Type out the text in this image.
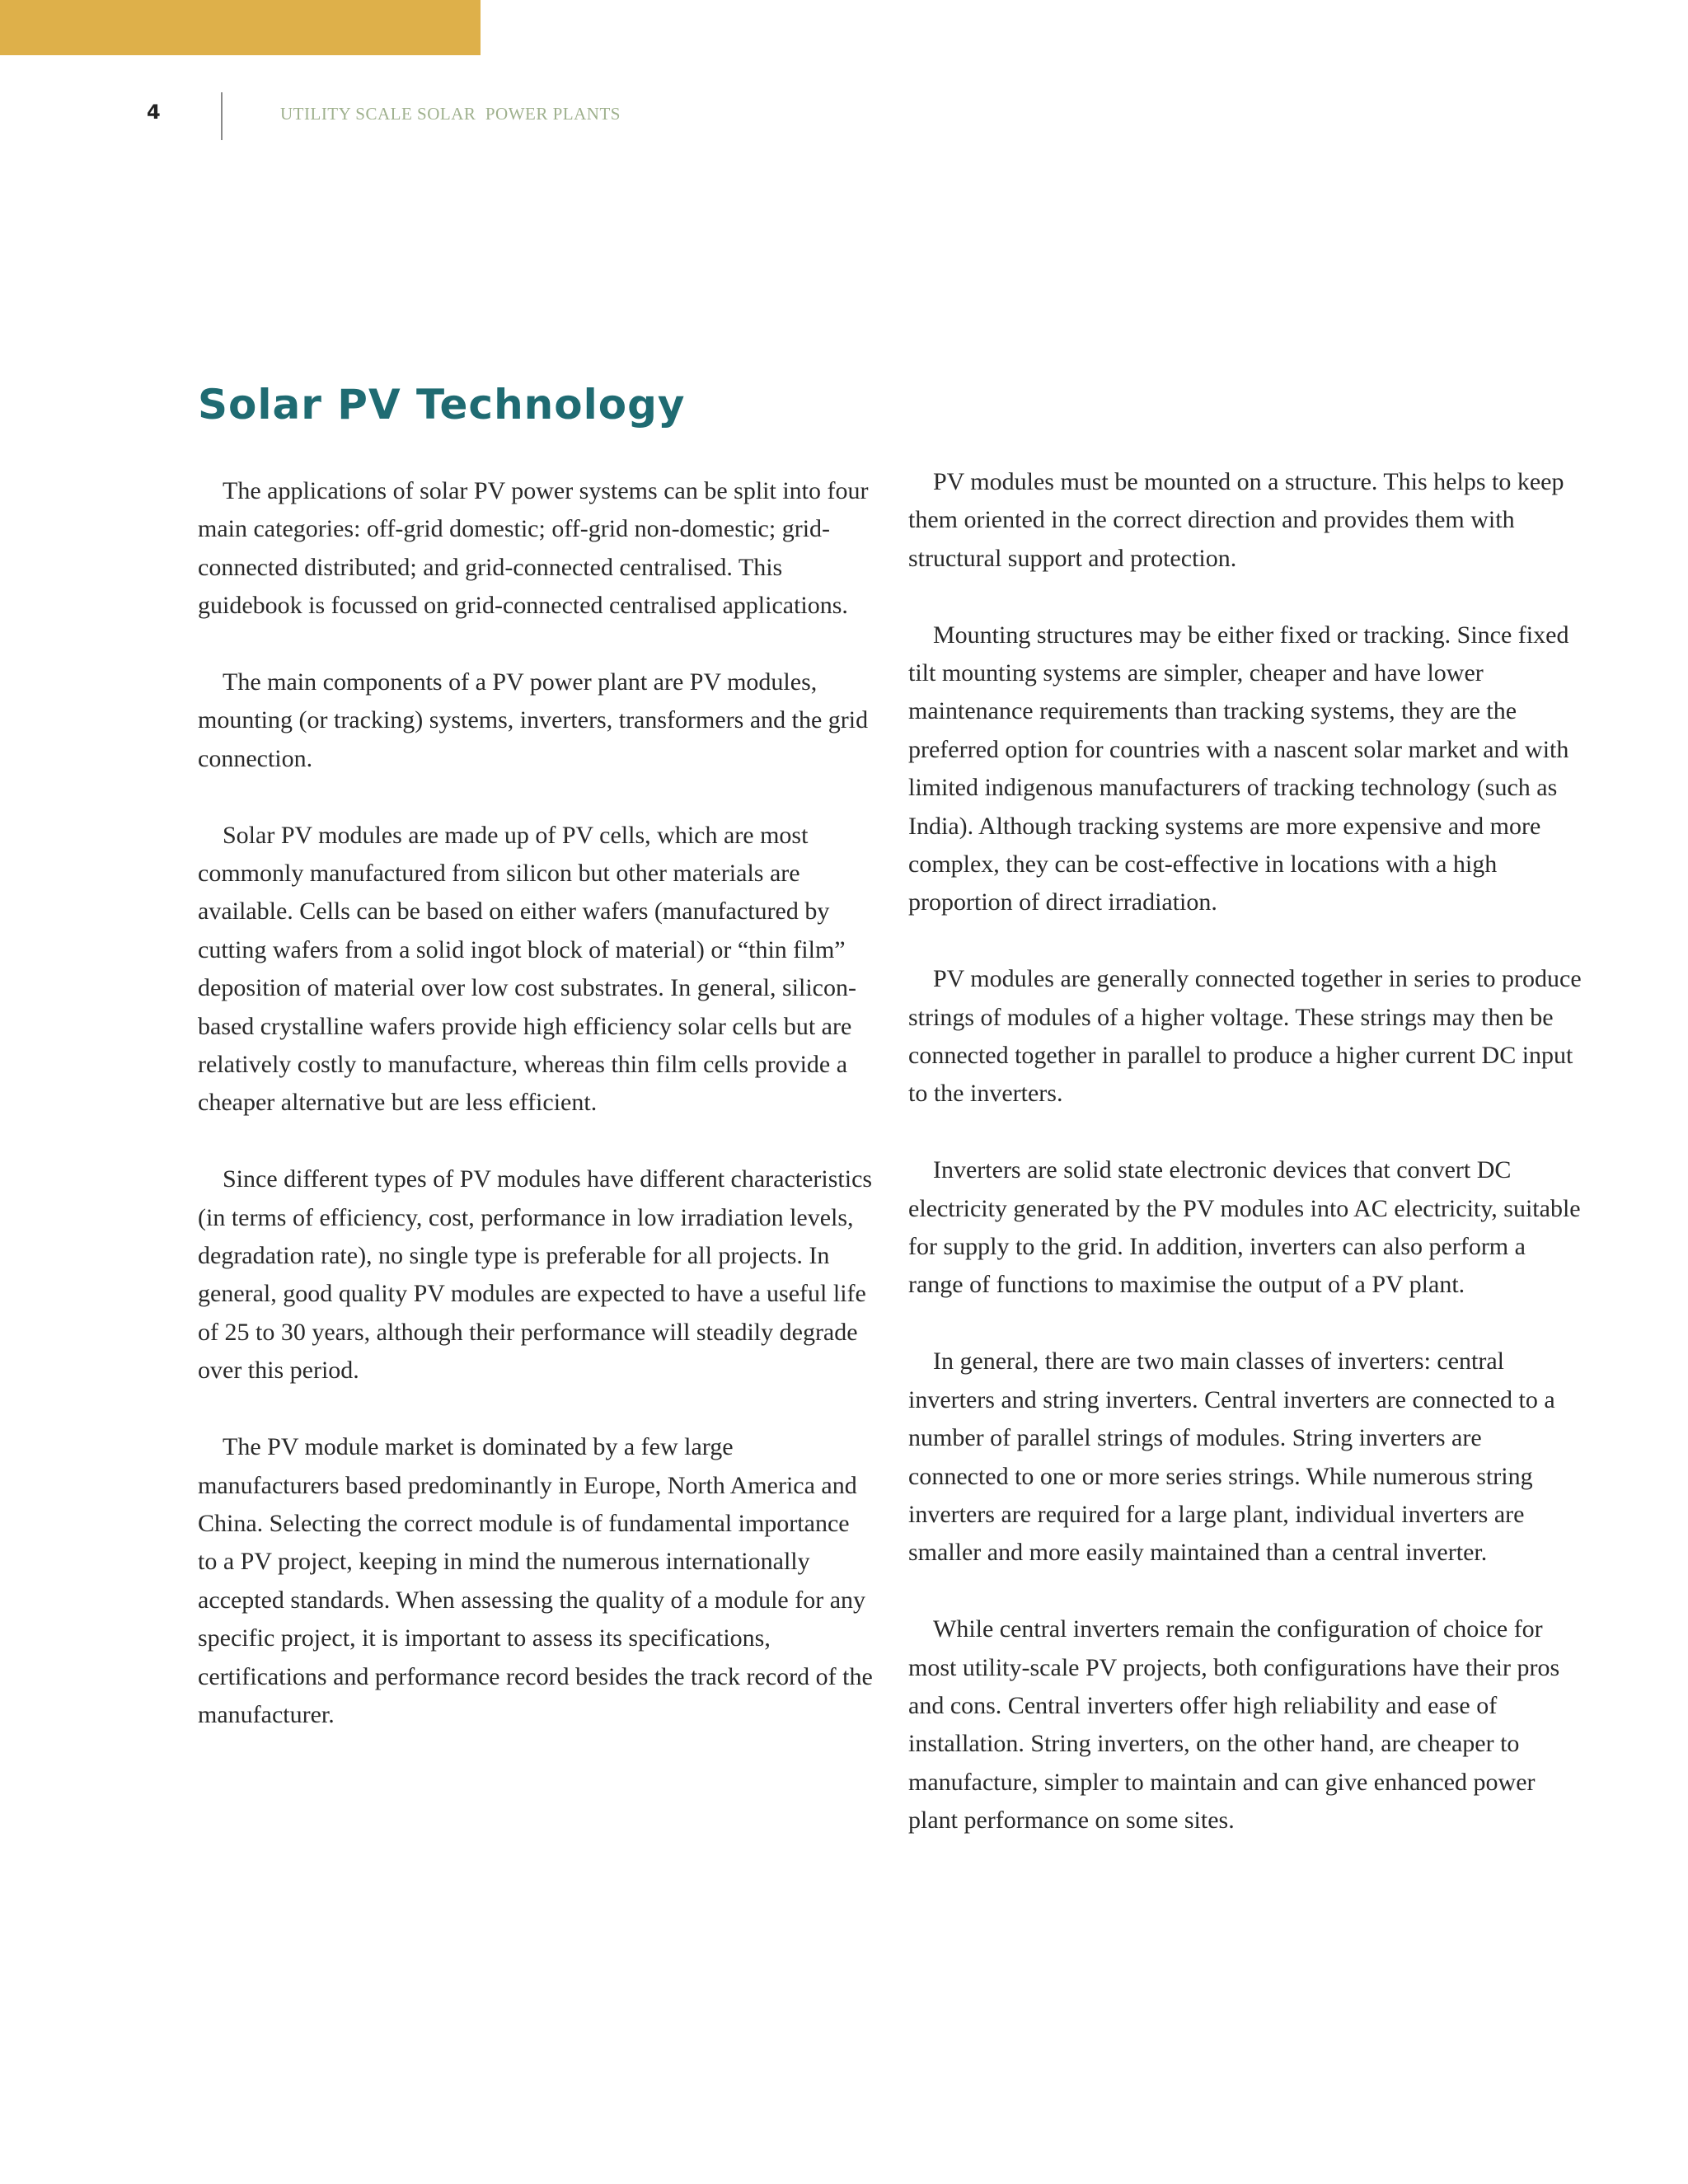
4	UTILITY SCALE SOLAR  POWER PLANTS
Solar PV Technology

The applications of solar PV power systems can be split into four main categories: off-grid domestic; off-grid non-domestic; grid-connected distributed; and grid-connected centralised. This guidebook is focussed on grid-connected centralised applications.

The main components of a PV power plant are PV modules, mounting (or tracking) systems, inverters, transformers and the grid connection.

Solar PV modules are made up of PV cells, which are most commonly manufactured from silicon but other materials are available. Cells can be based on either wafers (manufactured by cutting wafers from a solid ingot block of material) or “thin film” deposition of material over low cost substrates. In general, silicon-based crystalline wafers provide high efficiency solar cells but are relatively costly to manufacture, whereas thin film cells provide a cheaper alternative but are less efficient.

Since different types of PV modules have different characteristics (in terms of efficiency, cost, performance in low irradiation levels, degradation rate), no single type is preferable for all projects. In general, good quality PV modules are expected to have a useful life of 25 to 30 years, although their performance will steadily degrade over this period.

The PV module market is dominated by a few large manufacturers based predominantly in Europe, North America and China. Selecting the correct module is of fundamental importance to a PV project, keeping in mind the numerous internationally accepted standards. When assessing the quality of a module for any specific project, it is important to assess its specifications, certifications and performance record besides the track record of the manufacturer.

PV modules must be mounted on a structure. This helps to keep them oriented in the correct direction and provides them with structural support and protection.

Mounting structures may be either fixed or tracking. Since fixed tilt mounting systems are simpler, cheaper and have lower maintenance requirements than tracking systems, they are the preferred option for countries with a nascent solar market and with limited indigenous manufacturers of tracking technology (such as India). Although tracking systems are more expensive and more complex, they can be cost-effective in locations with a high proportion of direct irradiation.

PV modules are generally connected together in series to produce strings of modules of a higher voltage. These strings may then be connected together in parallel to produce a higher current DC input to the inverters.

Inverters are solid state electronic devices that convert DC electricity generated by the PV modules into AC electricity, suitable for supply to the grid. In addition, inverters can also perform a range of functions to maximise the output of a PV plant.

In general, there are two main classes of inverters: central inverters and string inverters. Central inverters are connected to a number of parallel strings of modules. String inverters are connected to one or more series strings. While numerous string inverters are required for a large plant, individual inverters are smaller and more easily maintained than a central inverter.

While central inverters remain the configuration of choice for most utility-scale PV projects, both configurations have their pros and cons. Central inverters offer high reliability and ease of installation. String inverters, on the other hand, are cheaper to manufacture, simpler to maintain and can give enhanced power plant performance on some sites.
